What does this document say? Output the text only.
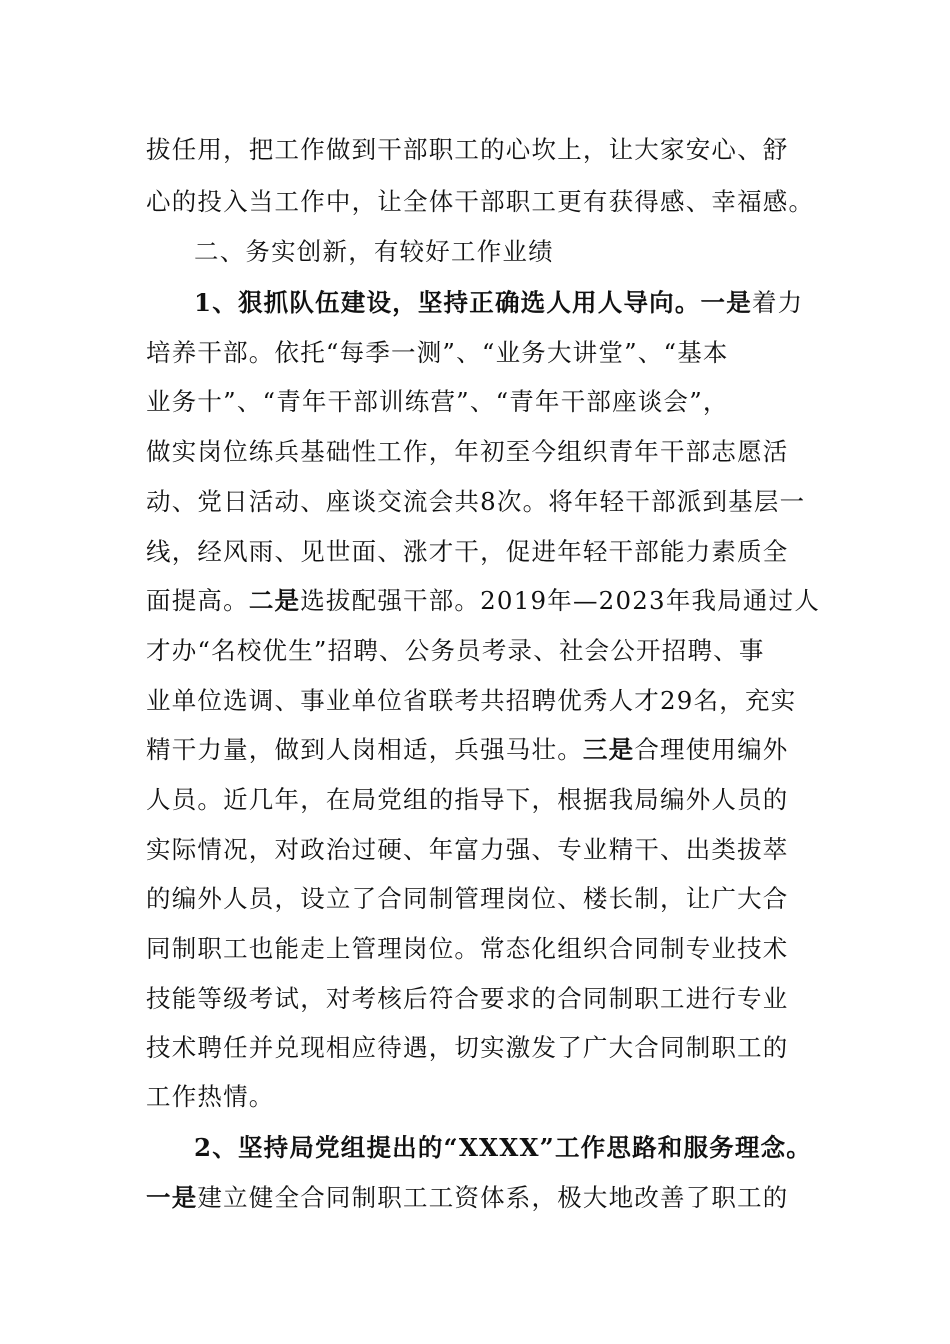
拔任用，把工作做到干部职工的心坎上，让大家安心、舒
心的投入当工作中，让全体干部职工更有获得感、幸福感。
二、务实创新，有较好工作业绩
1、狠抓队伍建设，坚持正确选人用人导向。一是着力
培养干部。依托“每季一测”、“业务大讲堂”、“基本
业务十”、“青年干部训练营”、“青年干部座谈会”，
做实岗位练兵基础性工作，年初至今组织青年干部志愿活
动、党日活动、座谈交流会共8次。将年轻干部派到基层一
线，经风雨、见世面、涨才干，促进年轻干部能力素质全
面提高。二是选拔配强干部。2019年—2023年我局通过人
才办“名校优生”招聘、公务员考录、社会公开招聘、事
业单位选调、事业单位省联考共招聘优秀人才29名，充实
精干力量，做到人岗相适，兵强马壮。三是合理使用编外
人员。近几年，在局党组的指导下，根据我局编外人员的
实际情况，对政治过硬、年富力强、专业精干、出类拔萃
的编外人员，设立了合同制管理岗位、楼长制，让广大合
同制职工也能走上管理岗位。常态化组织合同制专业技术
技能等级考试，对考核后符合要求的合同制职工进行专业
技术聘任并兑现相应待遇，切实激发了广大合同制职工的
工作热情。
2、坚持局党组提出的“XXXX”工作思路和服务理念。
一是建立健全合同制职工工资体系，极大地改善了职工的
